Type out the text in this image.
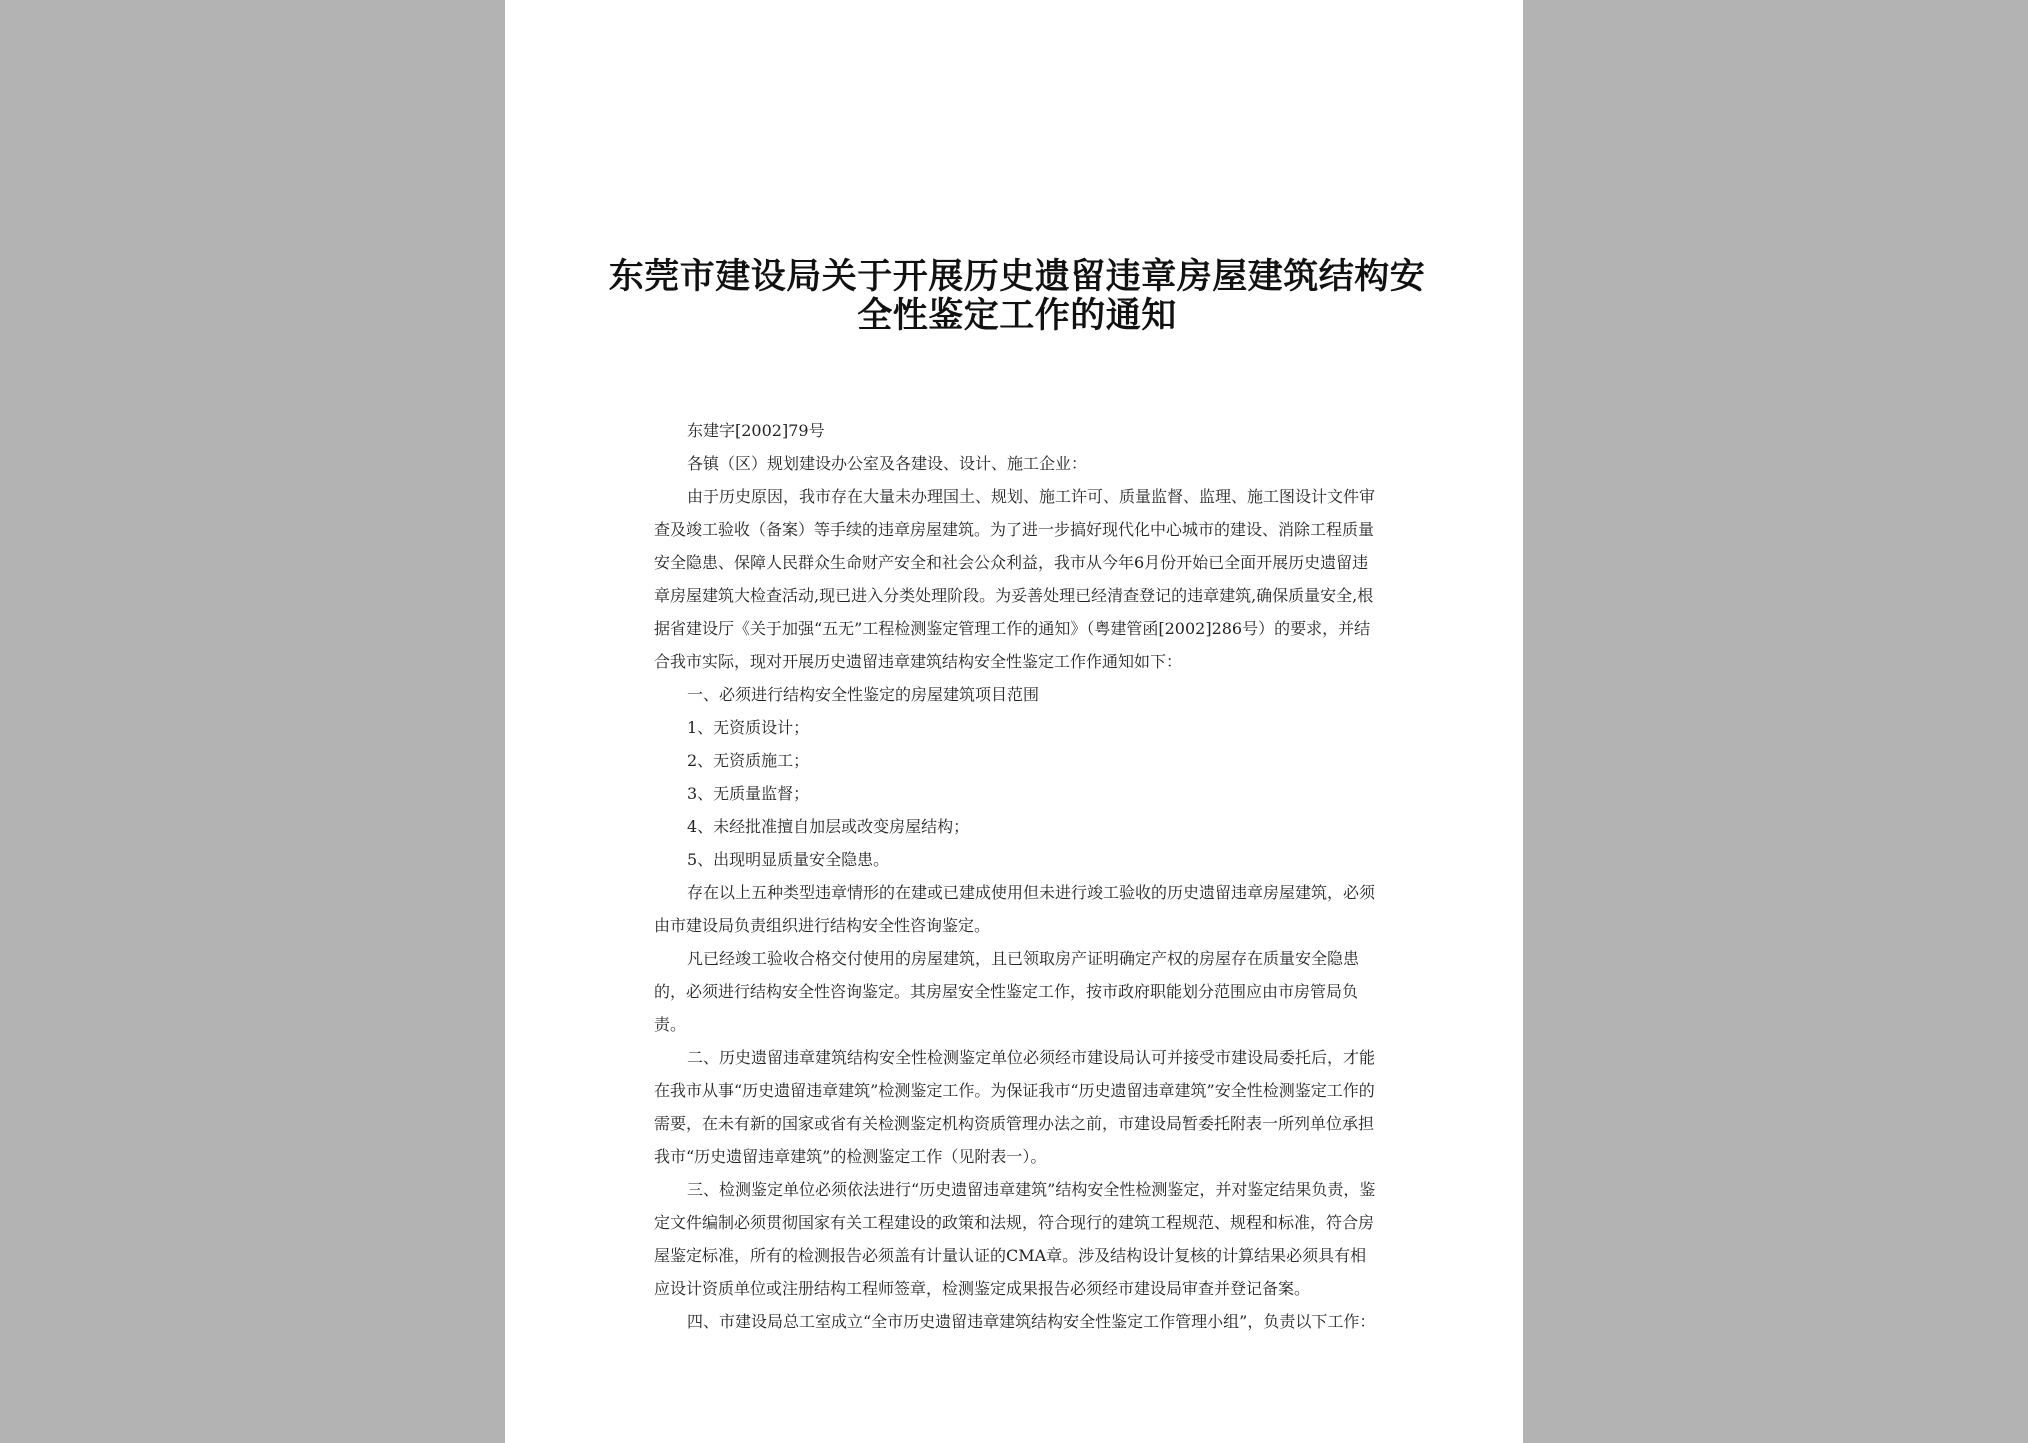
东莞市建设局关于开展历史遗留违章房屋建筑结构安
全性鉴定工作的通知

东建字[2002]79号

各镇（区）规划建设办公室及各建设、设计、施工企业：

由于历史原因，我市存在大量未办理国土、规划、施工许可、质量监督、监理、施工图设计文件审查及竣工验收（备案）等手续的违章房屋建筑。为了进一步搞好现代化中心城市的建设、消除工程质量安全隐患、保障人民群众生命财产安全和社会公众利益，我市从今年6月份开始已全面开展历史遗留违章房屋建筑大检查活动,现已进入分类处理阶段。为妥善处理已经清查登记的违章建筑,确保质量安全,根据省建设厅《关于加强“五无”工程检测鉴定管理工作的通知》（粤建管函[2002]286号）的要求，并结合我市实际，现对开展历史遗留违章建筑结构安全性鉴定工作作通知如下：

一、必须进行结构安全性鉴定的房屋建筑项目范围

1、无资质设计；

2、无资质施工；

3、无质量监督；

4、未经批准擅自加层或改变房屋结构；

5、出现明显质量安全隐患。

存在以上五种类型违章情形的在建或已建成使用但未进行竣工验收的历史遗留违章房屋建筑，必须由市建设局负责组织进行结构安全性咨询鉴定。

凡已经竣工验收合格交付使用的房屋建筑，且已领取房产证明确定产权的房屋存在质量安全隐患的，必须进行结构安全性咨询鉴定。其房屋安全性鉴定工作，按市政府职能划分范围应由市房管局负责。

二、历史遗留违章建筑结构安全性检测鉴定单位必须经市建设局认可并接受市建设局委托后，才能在我市从事“历史遗留违章建筑”检测鉴定工作。为保证我市“历史遗留违章建筑”安全性检测鉴定工作的需要，在未有新的国家或省有关检测鉴定机构资质管理办法之前，市建设局暂委托附表一所列单位承担我市“历史遗留违章建筑”的检测鉴定工作（见附表一）。

三、检测鉴定单位必须依法进行“历史遗留违章建筑”结构安全性检测鉴定，并对鉴定结果负责，鉴定文件编制必须贯彻国家有关工程建设的政策和法规，符合现行的建筑工程规范、规程和标准，符合房屋鉴定标准，所有的检测报告必须盖有计量认证的CMA章。涉及结构设计复核的计算结果必须具有相应设计资质单位或注册结构工程师签章，检测鉴定成果报告必须经市建设局审查并登记备案。

四、市建设局总工室成立“全市历史遗留违章建筑结构安全性鉴定工作管理小组”，负责以下工作：
